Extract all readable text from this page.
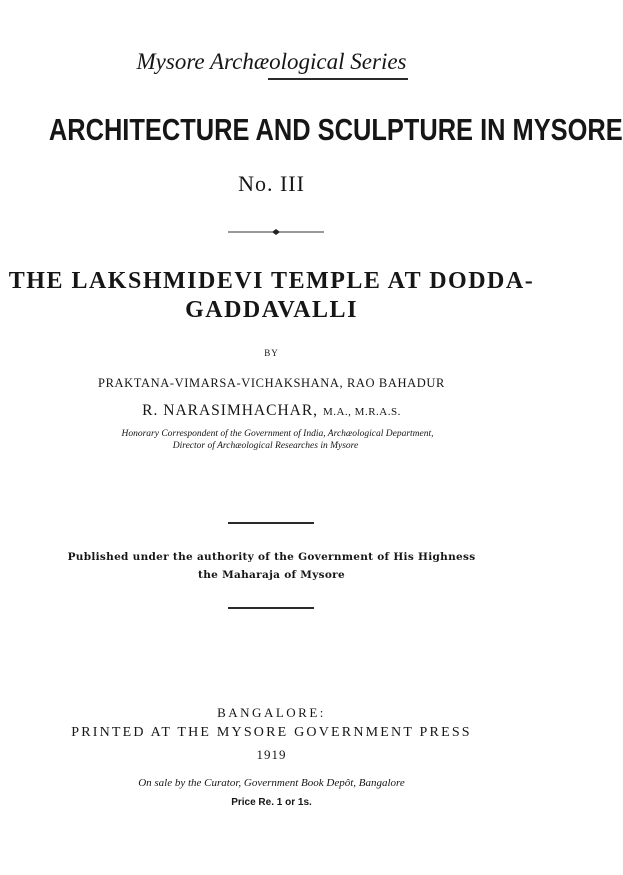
Mysore Archæological Series
ARCHITECTURE AND SCULPTURE IN MYSORE
No. III
THE LAKSHMIDEVI TEMPLE AT DODDA-
GADDAVALLI
BY
PRAKTANA-VIMARSA-VICHAKSHANA, RAO BAHADUR
R. NARASIMHACHAR, M.A., M.R.A.S.
Honorary Correspondent of the Government of India, Archæological Department,
Director of Archæological Researches in Mysore
Published under the authority of the Government of His Highness
the Maharaja of Mysore
BANGALORE:
PRINTED AT THE MYSORE GOVERNMENT PRESS
1919
On sale by the Curator, Government Book Depôt, Bangalore
Price Re. 1 or 1s.
